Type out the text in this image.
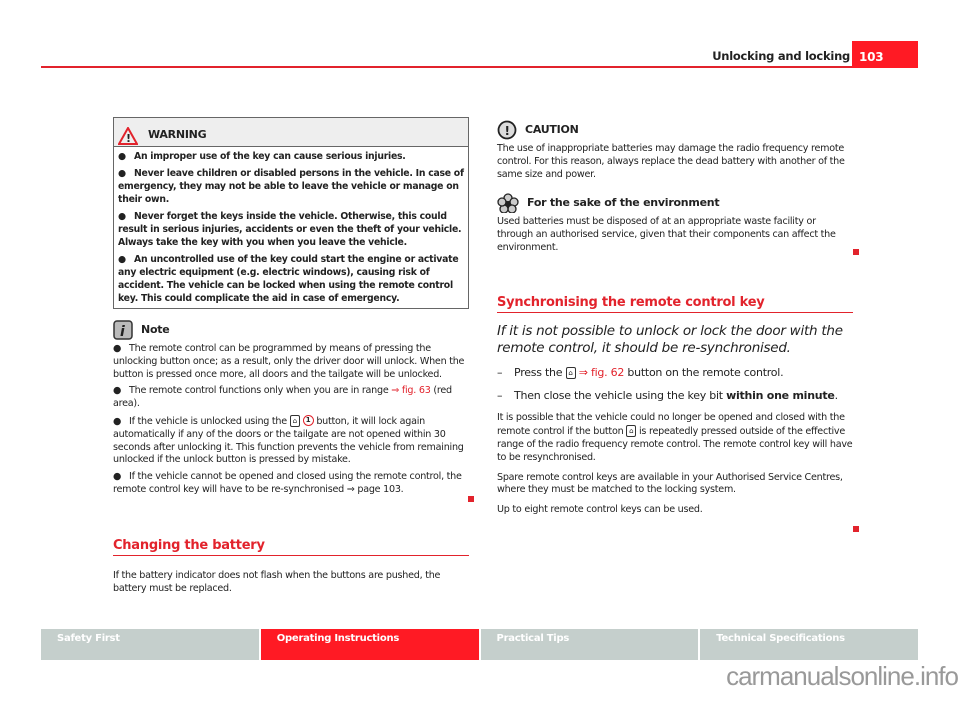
Unlocking and locking 103
! WARNING

● An improper use of the key can cause serious injuries.

● Never leave children or disabled persons in the vehicle. In case of emergency, they may not be able to leave the vehicle or manage on their own.

● Never forget the keys inside the vehicle. Otherwise, this could result in serious injuries, accidents or even the theft of your vehicle. Always take the key with you when you leave the vehicle.

● An uncontrolled use of the key could start the engine or activate any electric equipment (e.g. electric windows), causing risk of accident. The vehicle can be locked when using the remote control key. This could complicate the aid in case of emergency.

i Note

● The remote control can be programmed by means of pressing the unlocking button once; as a result, only the driver door will unlock. When the button is pressed once more, all doors and the tailgate will be unlocked.

● The remote control functions only when you are in range ⇒ fig. 63 (red area).

● If the vehicle is unlocked using the ⌂ 1 button, it will lock again automatically if any of the doors or the tailgate are not opened within 30 seconds after unlocking it. This function prevents the vehicle from remaining unlocked if the unlock button is pressed by mistake.

● If the vehicle cannot be opened and closed using the remote control, the remote control key will have to be re-synchronised ⇒ page 103.

Changing the battery

If the battery indicator does not flash when the buttons are pushed, the battery must be replaced.

! CAUTION

The use of inappropriate batteries may damage the radio frequency remote control. For this reason, always replace the dead battery with another of the same size and power.

For the sake of the environment

Used batteries must be disposed of at an appropriate waste facility or through an authorised service, given that their components can affect the environment.

Synchronising the remote control key
If it is not possible to unlock or lock the door with the remote control, it should be re-synchronised.
–	Press the ⌂ ⇒ fig. 62 button on the remote control.
–	Then close the vehicle using the key bit within one minute.

It is possible that the vehicle could no longer be opened and closed with the remote control if the button ⌂ is repeatedly pressed outside of the effective range of the radio frequency remote control. The remote control key will have to be resynchronised.

Spare remote control keys are available in your Authorised Service Centres, where they must be matched to the locking system.

Up to eight remote control keys can be used.

Safety First	Operating Instructions	Practical Tips	Technical Specifications
carmanualsonline.info
